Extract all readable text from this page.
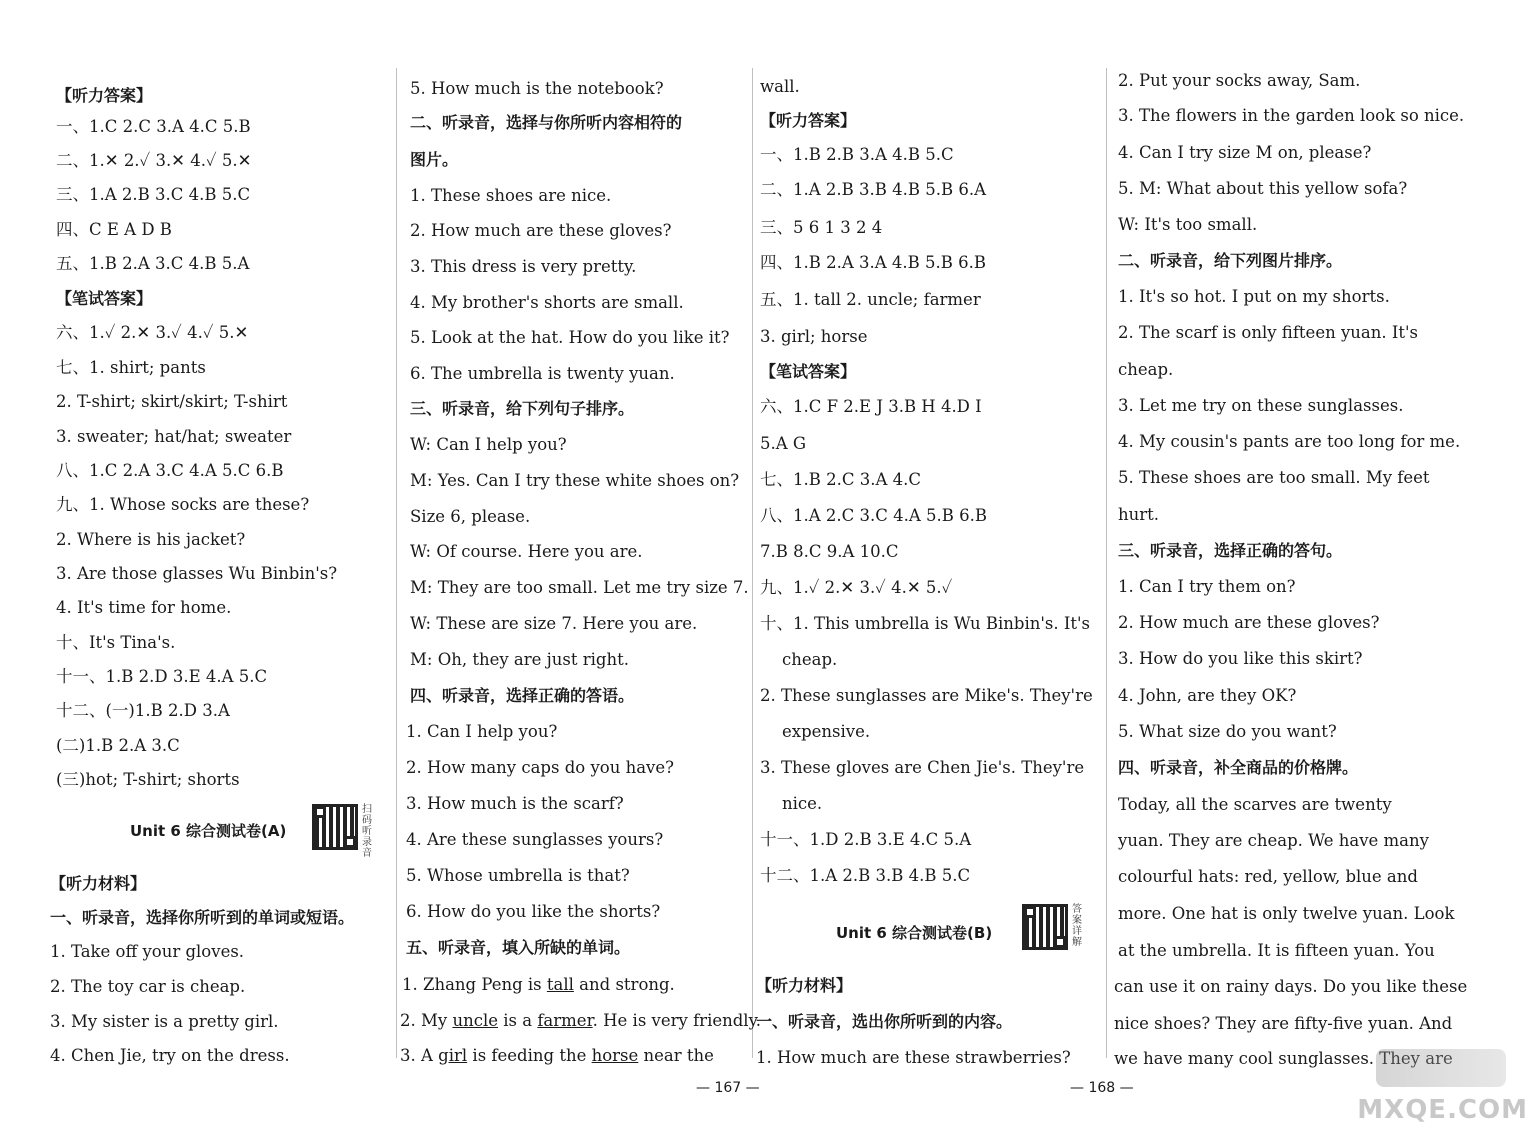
【听力答案】
一、1.C 2.C 3.A 4.C 5.B
二、1.✕ 2.✓ 3.✕ 4.✓ 5.✕
三、1.A 2.B 3.C 4.B 5.C
四、C E A D B
五、1.B 2.A 3.C 4.B 5.A
【笔试答案】
六、1.✓ 2.✕ 3.✓ 4.✓ 5.✕
七、1. shirt; pants
2. T-shirt; skirt/skirt; T-shirt
3. sweater; hat/hat; sweater
八、1.C 2.A 3.C 4.A 5.C 6.B
九、1. Whose socks are these?
2. Where is his jacket?
3. Are those glasses Wu Binbin's?
4. It's time for home.
十、It's Tina's.
十一、1.B 2.D 3.E 4.A 5.C
十二、(一)1.B 2.D 3.A
(二)1.B 2.A 3.C
(三)hot; T-shirt; shorts
Unit 6 综合测试卷(A)
扫码听录音
【听力材料】
一、听录音，选择你所听到的单词或短语。
1. Take off your gloves.
2. The toy car is cheap.
3. My sister is a pretty girl.
4. Chen Jie, try on the dress.
5. How much is the notebook?
二、听录音，选择与你所听内容相符的
图片。
1. These shoes are nice.
2. How much are these gloves?
3. This dress is very pretty.
4. My brother's shorts are small.
5. Look at the hat. How do you like it?
6. The umbrella is twenty yuan.
三、听录音，给下列句子排序。
W: Can I help you?
M: Yes. Can I try these white shoes on?
Size 6, please.
W: Of course. Here you are.
M: They are too small. Let me try size 7.
W: These are size 7. Here you are.
M: Oh, they are just right.
四、听录音，选择正确的答语。
1. Can I help you?
2. How many caps do you have?
3. How much is the scarf?
4. Are these sunglasses yours?
5. Whose umbrella is that?
6. How do you like the shorts?
五、听录音，填入所缺的单词。
1. Zhang Peng is tall and strong.
2. My uncle is a farmer. He is very friendly.
3. A girl is feeding the horse near the
— 167 —
wall.
【听力答案】
一、1.B 2.B 3.A 4.B 5.C
二、1.A 2.B 3.B 4.B 5.B 6.A
三、5 6 1 3 2 4
四、1.B 2.A 3.A 4.B 5.B 6.B
五、1. tall 2. uncle; farmer
3. girl; horse
【笔试答案】
六、1.C F 2.E J 3.B H 4.D I
5.A G
七、1.B 2.C 3.A 4.C
八、1.A 2.C 3.C 4.A 5.B 6.B
7.B 8.C 9.A 10.C
九、1.✓ 2.✕ 3.✓ 4.✕ 5.✓
十、1. This umbrella is Wu Binbin's. It's
cheap.
2. These sunglasses are Mike's. They're
expensive.
3. These gloves are Chen Jie's. They're
nice.
十一、1.D 2.B 3.E 4.C 5.A
十二、1.A 2.B 3.B 4.B 5.C
Unit 6 综合测试卷(B)
答案详解
【听力材料】
一、听录音，选出你所听到的内容。
1. How much are these strawberries?
— 168 —
2. Put your socks away, Sam.
3. The flowers in the garden look so nice.
4. Can I try size M on, please?
5. M: What about this yellow sofa?
W: It's too small.
二、听录音，给下列图片排序。
1. It's so hot. I put on my shorts.
2. The scarf is only fifteen yuan. It's
cheap.
3. Let me try on these sunglasses.
4. My cousin's pants are too long for me.
5. These shoes are too small. My feet
hurt.
三、听录音，选择正确的答句。
1. Can I try them on?
2. How much are these gloves?
3. How do you like this skirt?
4. John, are they OK?
5. What size do you want?
四、听录音，补全商品的价格牌。
Today, all the scarves are twenty
yuan. They are cheap. We have many
colourful hats: red, yellow, blue and
more. One hat is only twelve yuan. Look
at the umbrella. It is fifteen yuan. You
can use it on rainy days. Do you like these
nice shoes? They are fifty-five yuan. And
we have many cool sunglasses. They are
MXQE.COM
